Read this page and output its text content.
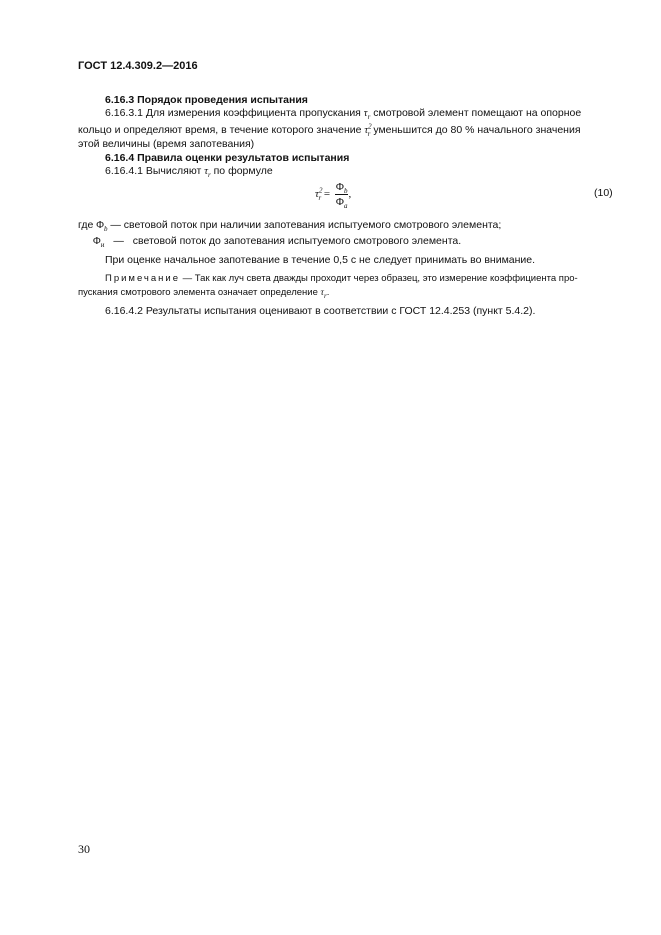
ГОСТ 12.4.309.2—2016
6.16.3 Порядок проведения испытания
6.16.3.1 Для измерения коэффициента пропускания $\tau_r$ смотровой элемент помещают на опорное
кольцо и определяют время, в течение которого значение $\tau^2_r$ уменьшится до 80 % начального значения
этой величины (время запотевания)
6.16.4 Правила оценки результатов испытания
6.16.4.1 Вычисляют $\tau_r$ по формуле
$\tau^2_r = \frac{\Phi_b}{\Phi_a}$ ,	(10)
где $\Phi_b$ — световой поток при наличии запотевания испытуемого смотрового элемента;
$\Phi_и$ — световой поток до запотевания испытуемого смотрового элемента.
При оценке начальное запотевание в течение 0,5 с не следует принимать во внимание.
Примечание — Так как луч света дважды проходит через образец, это измерение коэффициента про-
пускания смотрового элемента означает определение $\tau_r$.
6.16.4.2 Результаты испытания оценивают в соответствии с ГОСТ 12.4.253 (пункт 5.4.2).
30
